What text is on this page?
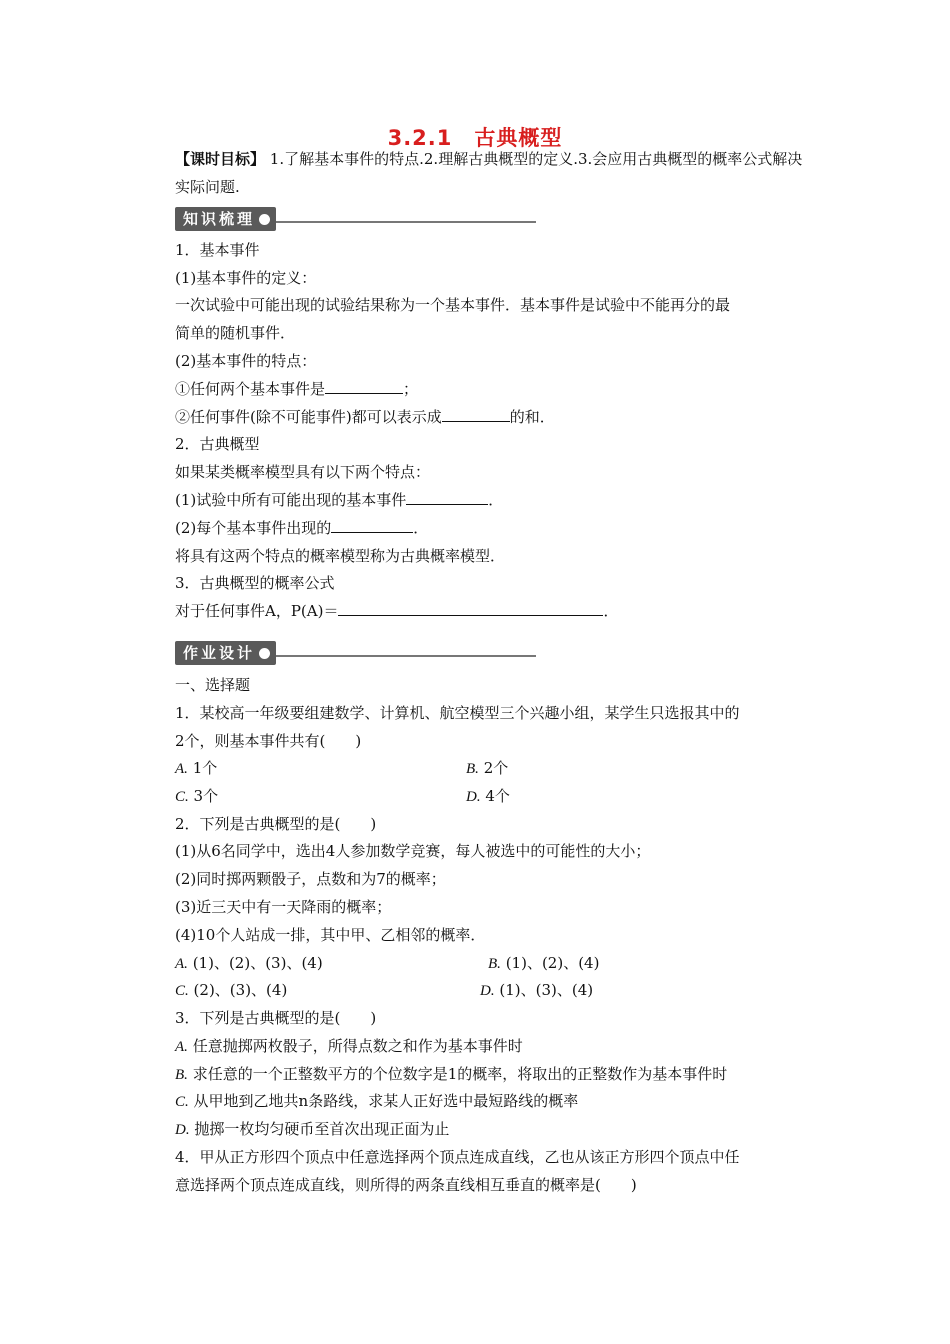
3.2.1　古典概型
【课时目标】 1.了解基本事件的特点.2.理解古典概型的定义.3.会应用古典概型的概率公式解决实际问题.
知识梳理
1．基本事件
(1)基本事件的定义：
一次试验中可能出现的试验结果称为一个基本事件．基本事件是试验中不能再分的最
简单的随机事件．
(2)基本事件的特点：
①任何两个基本事件是	；
②任何事件(除不可能事件)都可以表示成	的和．
2．古典概型
如果某类概率模型具有以下两个特点：
(1)试验中所有可能出现的基本事件	．
(2)每个基本事件出现的	．
将具有这两个特点的概率模型称为古典概率模型．
3．古典概型的概率公式
对于任何事件A，P(A)＝	．
作业设计
一、选择题
1．某校高一年级要组建数学、计算机、航空模型三个兴趣小组，某学生只选报其中的
2个，则基本事件共有(　　)
A. 1个	B. 2个
C. 3个	D. 4个
2．下列是古典概型的是(　　)
(1)从6名同学中，选出4人参加数学竞赛，每人被选中的可能性的大小；
(2)同时掷两颗骰子，点数和为7的概率；
(3)近三天中有一天降雨的概率；
(4)10个人站成一排，其中甲、乙相邻的概率．
A. (1)、(2)、(3)、(4)	B. (1)、(2)、(4)
C. (2)、(3)、(4)	D. (1)、(3)、(4)
3．下列是古典概型的是(　　)
A. 任意抛掷两枚骰子，所得点数之和作为基本事件时
B. 求任意的一个正整数平方的个位数字是1的概率，将取出的正整数作为基本事件时
C. 从甲地到乙地共n条路线，求某人正好选中最短路线的概率
D. 抛掷一枚均匀硬币至首次出现正面为止
4．甲从正方形四个顶点中任意选择两个顶点连成直线，乙也从该正方形四个顶点中任
意选择两个顶点连成直线，则所得的两条直线相互垂直的概率是(　　)
